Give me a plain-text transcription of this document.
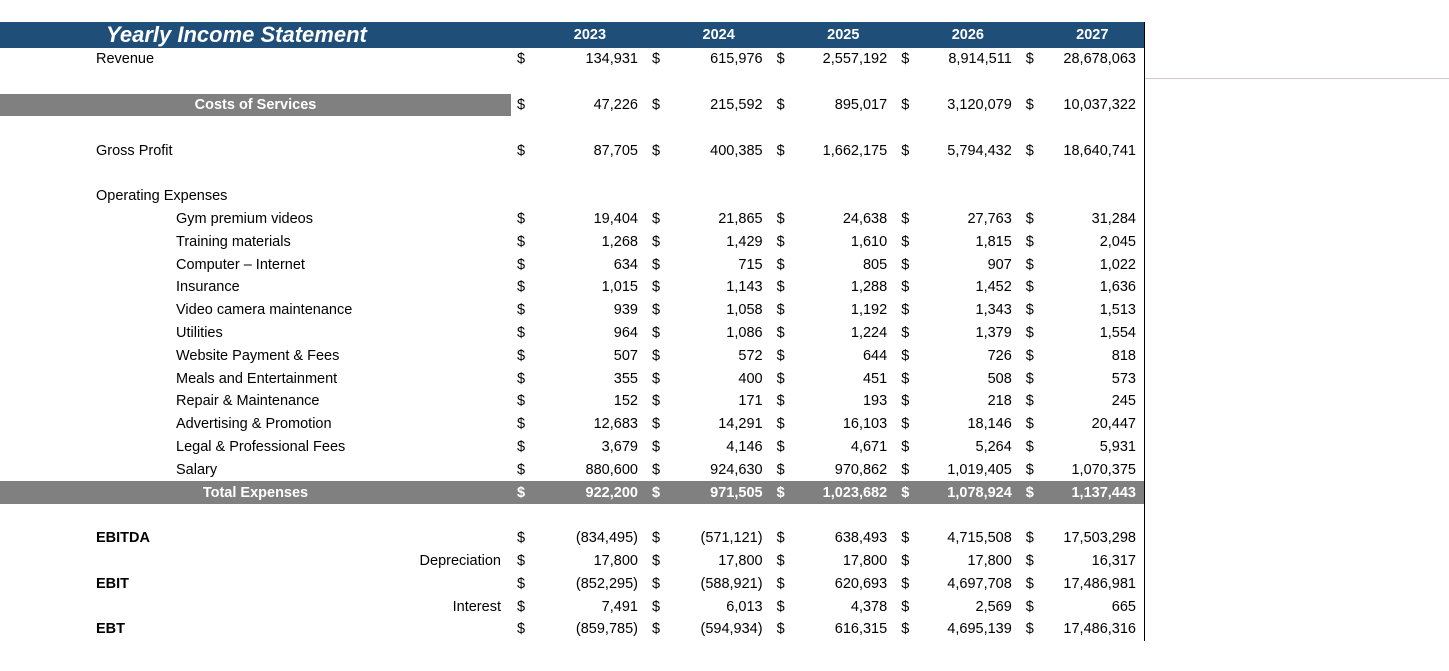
Yearly Income Statement		2023		2024		2025		2026		2027
Revenue	$	134,931	$	615,976	$	2,557,192	$	8,914,511	$	28,678,063

Costs of Services	$	47,226	$	215,592	$	895,017	$	3,120,079	$	10,037,322

Gross Profit	$	87,705	$	400,385	$	1,662,175	$	5,794,432	$	18,640,741

Operating Expenses										
Gym premium videos	$	19,404	$	21,865	$	24,638	$	27,763	$	31,284
Training materials	$	1,268	$	1,429	$	1,610	$	1,815	$	2,045
Computer – Internet	$	634	$	715	$	805	$	907	$	1,022
Insurance	$	1,015	$	1,143	$	1,288	$	1,452	$	1,636
Video camera maintenance	$	939	$	1,058	$	1,192	$	1,343	$	1,513
Utilities	$	964	$	1,086	$	1,224	$	1,379	$	1,554
Website Payment & Fees	$	507	$	572	$	644	$	726	$	818
Meals and Entertainment	$	355	$	400	$	451	$	508	$	573
Repair & Maintenance	$	152	$	171	$	193	$	218	$	245
Advertising & Promotion	$	12,683	$	14,291	$	16,103	$	18,146	$	20,447
Legal & Professional Fees	$	3,679	$	4,146	$	4,671	$	5,264	$	5,931
Salary	$	880,600	$	924,630	$	970,862	$	1,019,405	$	1,070,375
Total Expenses	$	922,200	$	971,505	$	1,023,682	$	1,078,924	$	1,137,443

EBITDA	$	(834,495)	$	(571,121)	$	638,493	$	4,715,508	$	17,503,298
Depreciation	$	17,800	$	17,800	$	17,800	$	17,800	$	16,317
EBIT	$	(852,295)	$	(588,921)	$	620,693	$	4,697,708	$	17,486,981
Interest	$	7,491	$	6,013	$	4,378	$	2,569	$	665
EBT	$	(859,785)	$	(594,934)	$	616,315	$	4,695,139	$	17,486,316
